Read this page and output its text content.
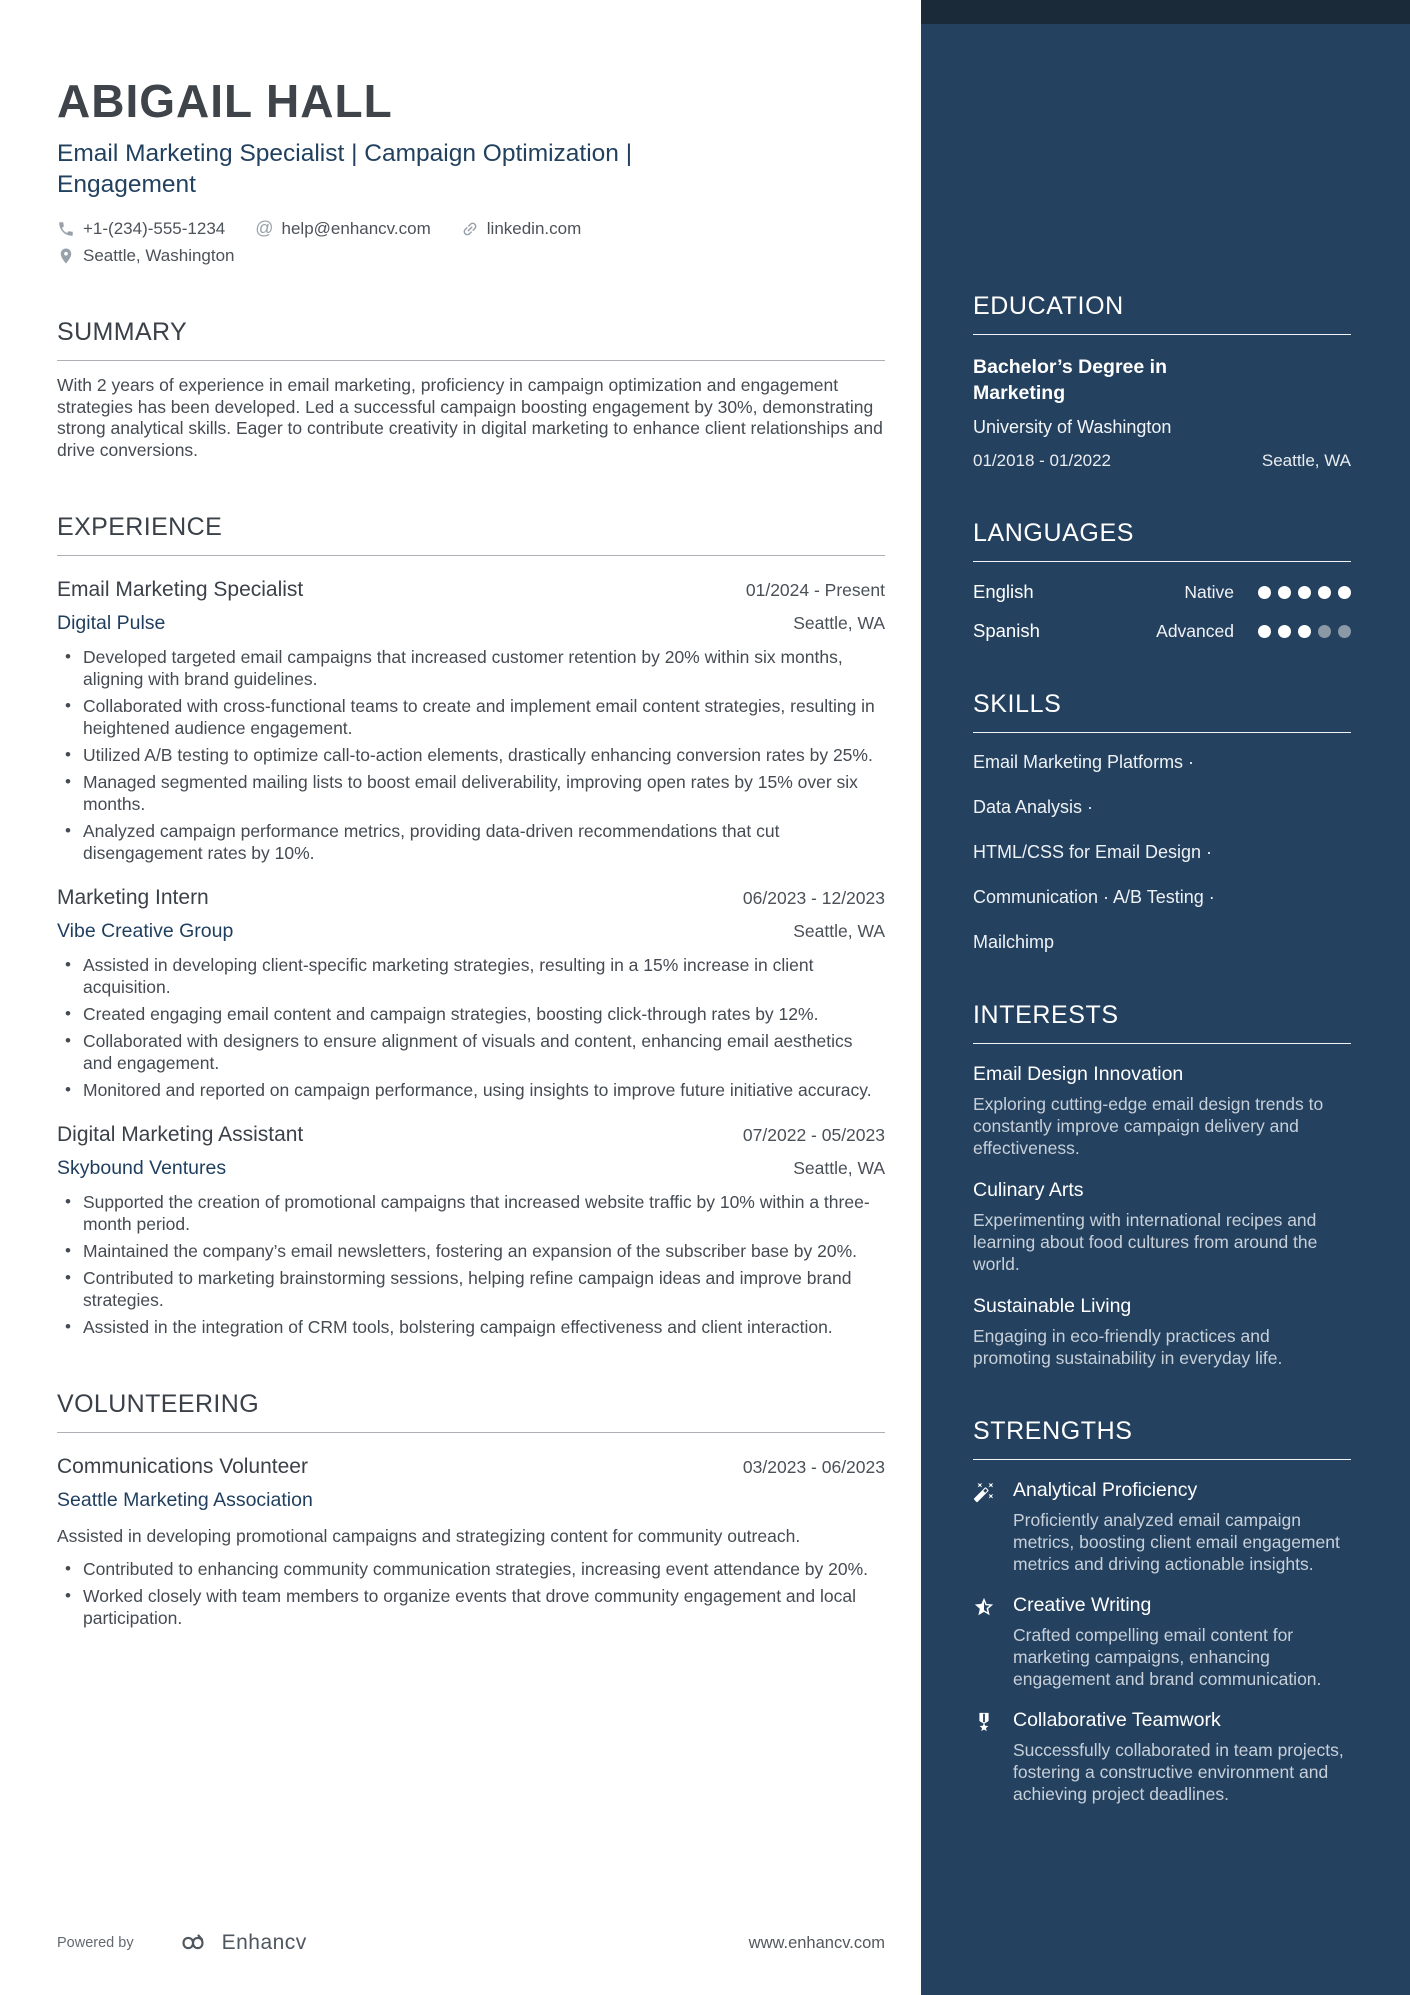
EDUCATION
Bachelor’s Degree in Marketing
University of Washington
01/2018 - 01/2022	Seattle, WA
LANGUAGES
English	Native
Spanish	Advanced
SKILLS
Email Marketing Platforms ·
Data Analysis ·
HTML/CSS for Email Design ·
Communication · A/B Testing ·
Mailchimp
INTERESTS
Email Design Innovation
Exploring cutting-edge email design trends to constantly improve campaign delivery and effectiveness.
Culinary Arts
Experimenting with international recipes and learning about food cultures from around the world.
Sustainable Living
Engaging in eco-friendly practices and promoting sustainability in everyday life.
STRENGTHS
Analytical Proficiency
Proficiently analyzed email campaign metrics, boosting client email engagement metrics and driving actionable insights.
Creative Writing
Crafted compelling email content for marketing campaigns, enhancing engagement and brand communication.
Collaborative Teamwork
Successfully collaborated in team projects, fostering a constructive environment and achieving project deadlines.
ABIGAIL HALL
Email Marketing Specialist | Campaign Optimization | Engagement
+1-(234)-555-1234 @ help@enhancv.com	linkedin.com
Seattle, Washington
SUMMARY

With 2 years of experience in email marketing, proficiency in campaign optimization and engagement strategies has been developed. Led a successful campaign boosting engagement by 30%, demonstrating strong analytical skills. Eager to contribute creativity in digital marketing to enhance client relationships and drive conversions.

EXPERIENCE
Email Marketing Specialist	01/2024 - Present
Digital Pulse	Seattle, WA
• Developed targeted email campaigns that increased customer retention by 20% within six months, aligning with brand guidelines.
• Collaborated with cross-functional teams to create and implement email content strategies, resulting in heightened audience engagement.
• Utilized A/B testing to optimize call-to-action elements, drastically enhancing conversion rates by 25%.
• Managed segmented mailing lists to boost email deliverability, improving open rates by 15% over six months.
• Analyzed campaign performance metrics, providing data-driven recommendations that cut disengagement rates by 10%.
Marketing Intern	06/2023 - 12/2023
Vibe Creative Group	Seattle, WA
• Assisted in developing client-specific marketing strategies, resulting in a 15% increase in client acquisition.
• Created engaging email content and campaign strategies, boosting click-through rates by 12%.
• Collaborated with designers to ensure alignment of visuals and content, enhancing email aesthetics and engagement.
• Monitored and reported on campaign performance, using insights to improve future initiative accuracy.
Digital Marketing Assistant	07/2022 - 05/2023
Skybound Ventures	Seattle, WA
• Supported the creation of promotional campaigns that increased website traffic by 10% within a three-month period.
• Maintained the company’s email newsletters, fostering an expansion of the subscriber base by 20%.
• Contributed to marketing brainstorming sessions, helping refine campaign ideas and improve brand strategies.
• Assisted in the integration of CRM tools, bolstering campaign effectiveness and client interaction.
VOLUNTEERING
Communications Volunteer	03/2023 - 06/2023
Seattle Marketing Association

Assisted in developing promotional campaigns and strategizing content for community outreach.

• Contributed to enhancing community communication strategies, increasing event attendance by 20%.
• Worked closely with team members to organize events that drove community engagement and local participation.
Powered by	Enhancv	www.enhancv.com
